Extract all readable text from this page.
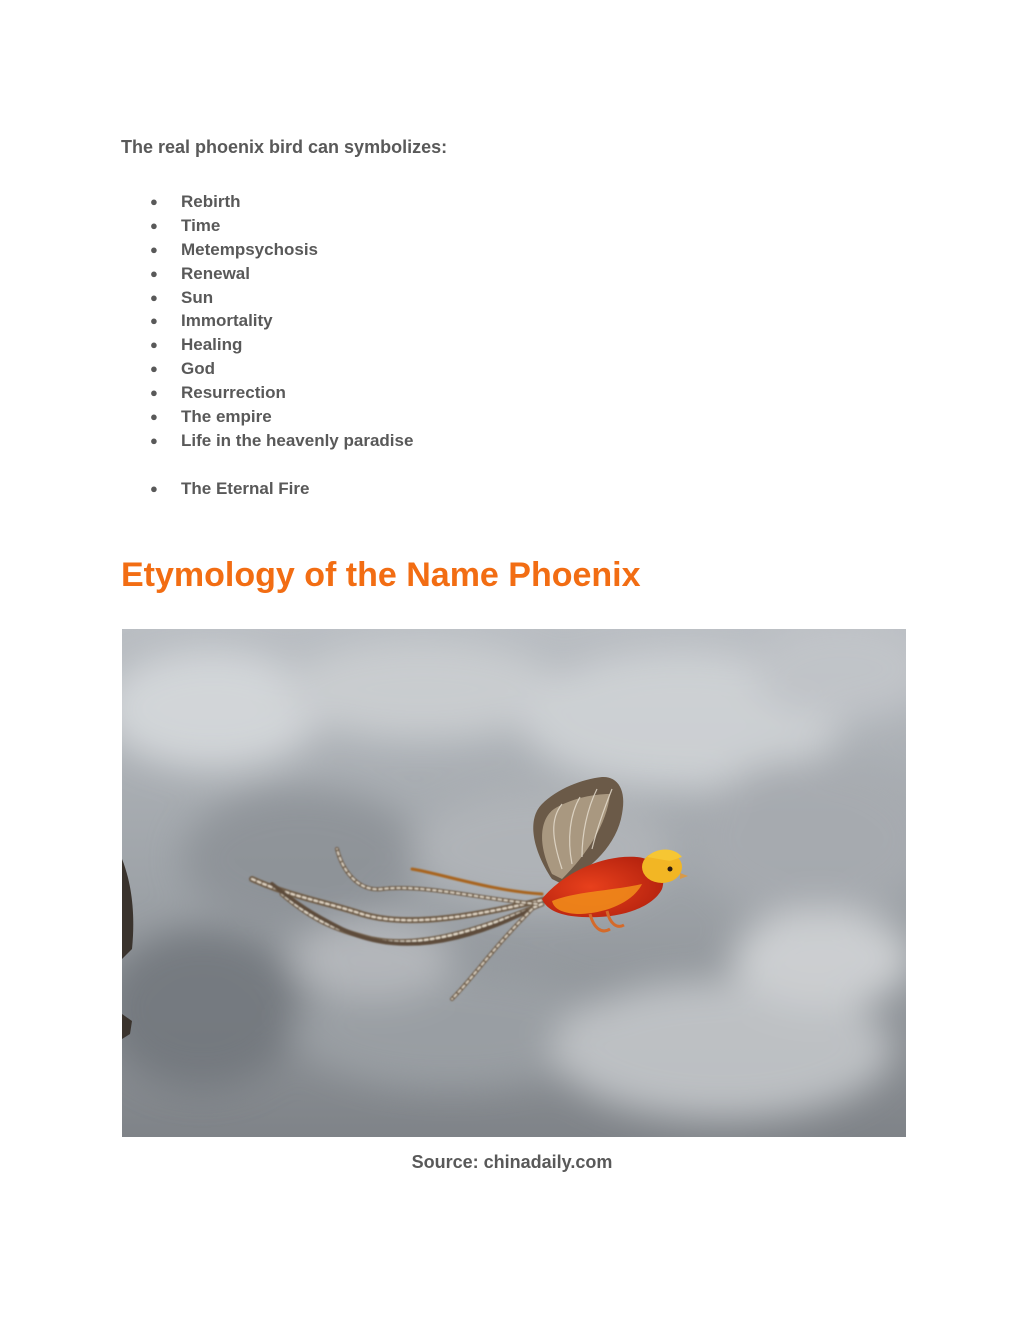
The real phoenix bird can symbolizes:

● Rebirth
● Time
● Metempsychosis
● Renewal
● Sun
● Immortality
● Healing
● God
● Resurrection
● The empire
● Life in the heavenly paradise
● The Eternal Fire
Etymology of the Name Phoenix

Source: chinadaily.com
